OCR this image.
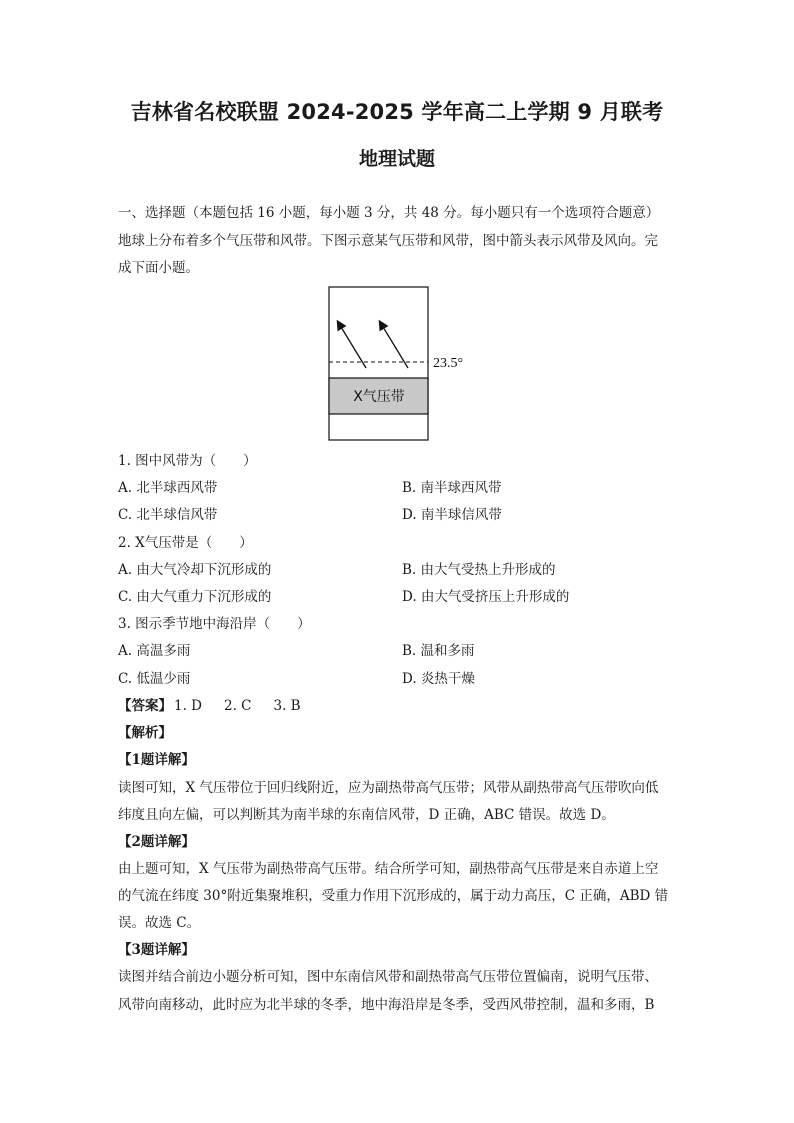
吉林省名校联盟 2024-2025 学年高二上学期 9 月联考
地理试题
一、选择题（本题包括 16 小题，每小题 3 分，共 48 分。每小题只有一个选项符合题意）
地球上分布着多个气压带和风带。下图示意某气压带和风带，图中箭头表示风带及风向。完
成下面小题。
23.5°
X气压带
1. 图中风带为（　　）
A. 北半球西风带	B. 南半球西风带
C. 北半球信风带	D. 南半球信风带
2. X气压带是（　　）
A. 由大气冷却下沉形成的	B. 由大气受热上升形成的
C. 由大气重力下沉形成的	D. 由大气受挤压上升形成的
3. 图示季节地中海沿岸（　　）
A. 高温多雨	B. 温和多雨
C. 低温少雨	D. 炎热干燥
【答案】 1. D 2. C 3. B
【解析】
【1题详解】
读图可知，X 气压带位于回归线附近，应为副热带高气压带；风带从副热带高气压带吹向低
纬度且向左偏，可以判断其为南半球的东南信风带，D 正确，ABC 错误。故选 D。
【2题详解】
由上题可知，X 气压带为副热带高气压带。结合所学可知，副热带高气压带是来自赤道上空
的气流在纬度 30°附近集聚堆积，受重力作用下沉形成的，属于动力高压，C 正确，ABD 错
误。故选 C。
【3题详解】
读图并结合前边小题分析可知，图中东南信风带和副热带高气压带位置偏南，说明气压带、
风带向南移动，此时应为北半球的冬季，地中海沿岸是冬季，受西风带控制，温和多雨，B
